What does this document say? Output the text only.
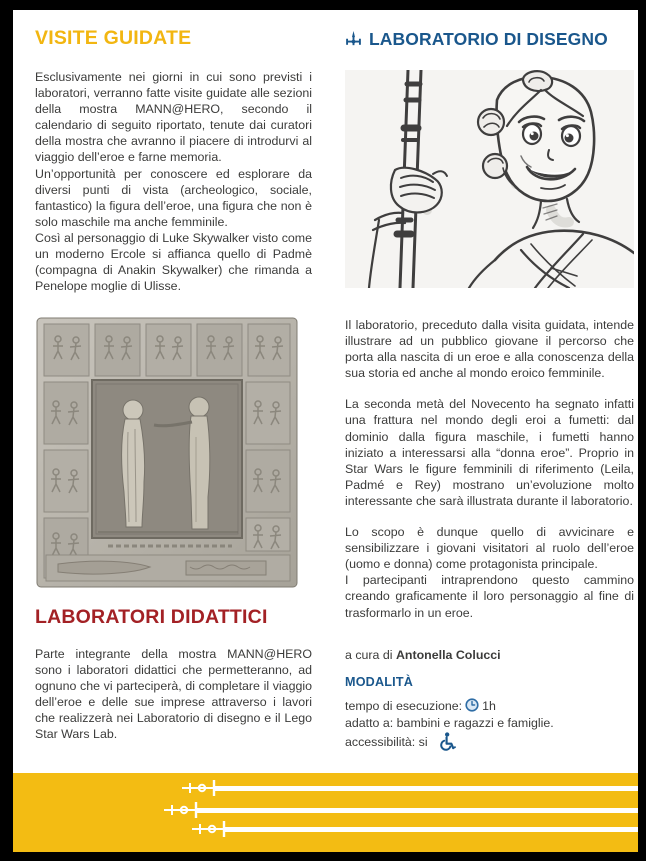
VISITE GUIDATE

Esclusivamente nei giorni in cui sono previsti i laboratori, verranno fatte visite guidate alle sezioni della mostra MANN@HERO, secondo il calendario di seguito riportato, tenute dai curatori della mostra che avranno il piacere di introdurvi al viaggio dell’eroe e farne memoria.

Un’opportunità per conoscere ed esplorare da diversi punti di vista (archeologico, sociale, fantastico) la figura dell’eroe, una figura che non è solo maschile ma anche femminile.

Così al personaggio di Luke Skywalker visto come un moderno Ercole si affianca quello di Padmè (compagna di Anakin Skywalker) che rimanda a Penelope moglie di Ulisse.

LABORATORI DIDATTICI

Parte integrante della mostra MANN@HERO sono i laboratori didattici che permetteranno, ad ognuno che vi parteciperà, di completare il viaggio dell’eroe e delle sue imprese attraverso i lavori che realizzerà nei Laboratorio di disegno e il Lego Star Wars Lab.

LABORATORIO DI DISEGNO

Il laboratorio, preceduto dalla visita guidata, intende illustrare ad un pubblico giovane il percorso che porta alla nascita di un eroe e alla conoscenza della sua storia ed anche al mondo eroico femminile.

La seconda metà del Novecento ha segnato infatti una frattura nel mondo degli eroi a fumetti: dal dominio dalla figura maschile, i fumetti hanno iniziato a interessarsi alla “donna eroe”. Proprio in Star Wars le figure femminili di riferimento (Leila, Padmé e Rey) mostrano un’evoluzione molto interessante che sarà illustrata durante il laboratorio.

Lo scopo è dunque quello di avvicinare e sensibilizzare i giovani visitatori al ruolo dell’eroe (uomo e donna) come protagonista principale.

I partecipanti intraprendono questo cammino creando graficamente il loro personaggio al fine di trasformarlo in un eroe.

a cura di Antonella Colucci
MODALITÀ
tempo di esecuzione: 1h
adatto a: bambini e ragazzi e famiglie.
accessibilità: si
